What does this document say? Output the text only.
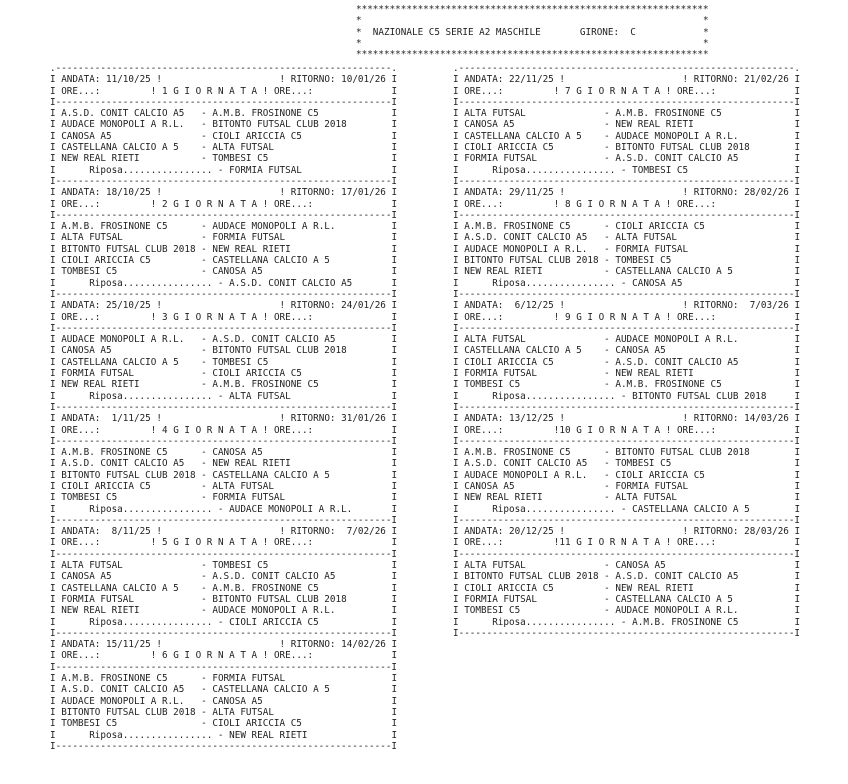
***************************************************************
*                                                             *
*  NAZIONALE C5 SERIE A2 MASCHILE	GIRONE: C	*
*                                                             *
***************************************************************
.------------------------------------------------------------.
I ANDATA: 11/10/25 !                     ! RITORNO: 10/01/26 I
I ORE...:         ! 1 G I O R N A T A ! ORE...:	I
I------------------------------------------------------------I
I A.S.D. CONIT CALCIO A5   - A.M.B. FROSINONE C5	I
I AUDACE MONOPOLI A R.L.   - BITONTO FUTSAL CLUB 2018	I
I CANOSA A5                - CIOLI ARICCIA C5	I
I CASTELLANA CALCIO A 5    - ALTA FUTSAL	I
I NEW REAL RIETI           - TOMBESI C5	I
I      Riposa................ - FORMIA FUTSAL	I
I------------------------------------------------------------I
I ANDATA: 18/10/25 !                     ! RITORNO: 17/01/26 I
I ORE...:         ! 2 G I O R N A T A ! ORE...:	I
I------------------------------------------------------------I
I A.M.B. FROSINONE C5      - AUDACE MONOPOLI A R.L.	I
I ALTA FUTSAL              - FORMIA FUTSAL	I
I BITONTO FUTSAL CLUB 2018 - NEW REAL RIETI	I
I CIOLI ARICCIA C5         - CASTELLANA CALCIO A 5	I
I TOMBESI C5               - CANOSA A5	I
I      Riposa................ - A.S.D. CONIT CALCIO A5	I
I------------------------------------------------------------I
I ANDATA: 25/10/25 !                     ! RITORNO: 24/01/26 I
I ORE...:         ! 3 G I O R N A T A ! ORE...:	I
I------------------------------------------------------------I
I AUDACE MONOPOLI A R.L.   - A.S.D. CONIT CALCIO A5	I
I CANOSA A5                - BITONTO FUTSAL CLUB 2018	I
I CASTELLANA CALCIO A 5    - TOMBESI C5	I
I FORMIA FUTSAL            - CIOLI ARICCIA C5	I
I NEW REAL RIETI           - A.M.B. FROSINONE C5	I
I      Riposa................ - ALTA FUTSAL	I
I------------------------------------------------------------I
I ANDATA:  1/11/25 !                     ! RITORNO: 31/01/26 I
I ORE...:         ! 4 G I O R N A T A ! ORE...:	I
I------------------------------------------------------------I
I A.M.B. FROSINONE C5      - CANOSA A5	I
I A.S.D. CONIT CALCIO A5   - NEW REAL RIETI	I
I BITONTO FUTSAL CLUB 2018 - CASTELLANA CALCIO A 5	I
I CIOLI ARICCIA C5         - ALTA FUTSAL	I
I TOMBESI C5               - FORMIA FUTSAL	I
I      Riposa................ - AUDACE MONOPOLI A R.L.	I
I------------------------------------------------------------I
I ANDATA:  8/11/25 !                     ! RITORNO:  7/02/26 I
I ORE...:         ! 5 G I O R N A T A ! ORE...:	I
I------------------------------------------------------------I
I ALTA FUTSAL              - TOMBESI C5	I
I CANOSA A5                - A.S.D. CONIT CALCIO A5	I
I CASTELLANA CALCIO A 5    - A.M.B. FROSINONE C5	I
I FORMIA FUTSAL            - BITONTO FUTSAL CLUB 2018	I
I NEW REAL RIETI           - AUDACE MONOPOLI A R.L.	I
I      Riposa................ - CIOLI ARICCIA C5	I
I------------------------------------------------------------I
I ANDATA: 15/11/25 !                     ! RITORNO: 14/02/26 I
I ORE...:         ! 6 G I O R N A T A ! ORE...:	I
I------------------------------------------------------------I
I A.M.B. FROSINONE C5      - FORMIA FUTSAL	I
I A.S.D. CONIT CALCIO A5   - CASTELLANA CALCIO A 5	I
I AUDACE MONOPOLI A R.L.   - CANOSA A5	I
I BITONTO FUTSAL CLUB 2018 - ALTA FUTSAL	I
I TOMBESI C5               - CIOLI ARICCIA C5	I
I      Riposa................ - NEW REAL RIETI	I
I------------------------------------------------------------I

.------------------------------------------------------------.
I ANDATA: 22/11/25 !                     ! RITORNO: 21/02/26 I
I ORE...:         ! 7 G I O R N A T A ! ORE...:	I
I------------------------------------------------------------I
I ALTA FUTSAL              - A.M.B. FROSINONE C5	I
I CANOSA A5                - NEW REAL RIETI	I
I CASTELLANA CALCIO A 5    - AUDACE MONOPOLI A R.L.	I
I CIOLI ARICCIA C5         - BITONTO FUTSAL CLUB 2018	I
I FORMIA FUTSAL            - A.S.D. CONIT CALCIO A5	I
I      Riposa................ - TOMBESI C5	I
I------------------------------------------------------------I
I ANDATA: 29/11/25 !                     ! RITORNO: 28/02/26 I
I ORE...:         ! 8 G I O R N A T A ! ORE...:	I
I------------------------------------------------------------I
I A.M.B. FROSINONE C5      - CIOLI ARICCIA C5	I
I A.S.D. CONIT CALCIO A5   - ALTA FUTSAL	I
I AUDACE MONOPOLI A R.L.   - FORMIA FUTSAL	I
I BITONTO FUTSAL CLUB 2018 - TOMBESI C5	I
I NEW REAL RIETI           - CASTELLANA CALCIO A 5	I
I      Riposa................ - CANOSA A5	I
I------------------------------------------------------------I
I ANDATA:  6/12/25 !                     ! RITORNO:  7/03/26 I
I ORE...:         ! 9 G I O R N A T A ! ORE...:	I
I------------------------------------------------------------I
I ALTA FUTSAL              - AUDACE MONOPOLI A R.L.	I
I CASTELLANA CALCIO A 5    - CANOSA A5	I
I CIOLI ARICCIA C5         - A.S.D. CONIT CALCIO A5	I
I FORMIA FUTSAL            - NEW REAL RIETI	I
I TOMBESI C5               - A.M.B. FROSINONE C5	I
I      Riposa................ - BITONTO FUTSAL CLUB 2018	I
I------------------------------------------------------------I
I ANDATA: 13/12/25 !                     ! RITORNO: 14/03/26 I
I ORE...:         !10 G I O R N A T A ! ORE...:	I
I------------------------------------------------------------I
I A.M.B. FROSINONE C5      - BITONTO FUTSAL CLUB 2018	I
I A.S.D. CONIT CALCIO A5   - TOMBESI C5	I
I AUDACE MONOPOLI A R.L.   - CIOLI ARICCIA C5	I
I CANOSA A5                - FORMIA FUTSAL	I
I NEW REAL RIETI           - ALTA FUTSAL	I
I      Riposa................ - CASTELLANA CALCIO A 5	I
I------------------------------------------------------------I
I ANDATA: 20/12/25 !                     ! RITORNO: 28/03/26 I
I ORE...:         !11 G I O R N A T A ! ORE...:	I
I------------------------------------------------------------I
I ALTA FUTSAL              - CANOSA A5	I
I BITONTO FUTSAL CLUB 2018 - A.S.D. CONIT CALCIO A5	I
I CIOLI ARICCIA C5         - NEW REAL RIETI	I
I FORMIA FUTSAL            - CASTELLANA CALCIO A 5	I
I TOMBESI C5               - AUDACE MONOPOLI A R.L.	I
I      Riposa................ - A.M.B. FROSINONE C5	I
I------------------------------------------------------------I
